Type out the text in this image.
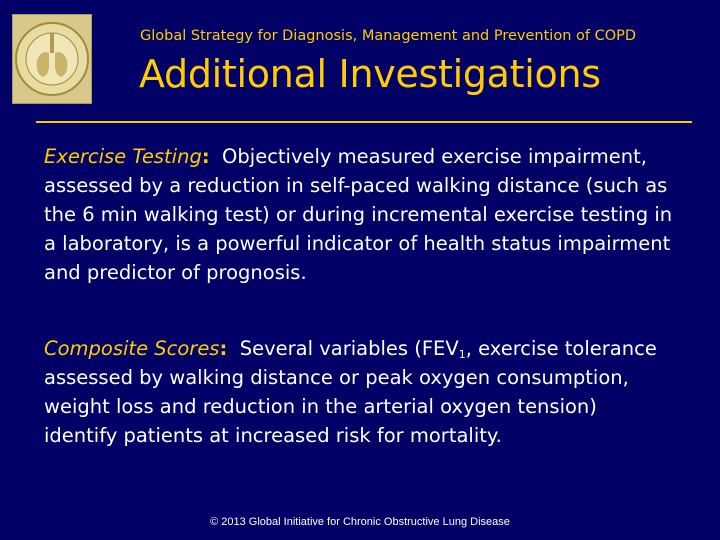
Global Strategy for Diagnosis, Management and Prevention of COPD
Additional Investigations
Exercise Testing: Objectively measured exercise impairment, assessed by a reduction in self-paced walking distance (such as the 6 min walking test) or during incremental exercise testing in a laboratory, is a powerful indicator of health status impairment and predictor of prognosis.
Composite Scores: Several variables ($FEV_1$, exercise tolerance assessed by walking distance or peak oxygen consumption, weight loss and reduction in the arterial oxygen tension) identify patients at increased risk for mortality.
© 2013 Global Initiative for Chronic Obstructive Lung Disease
